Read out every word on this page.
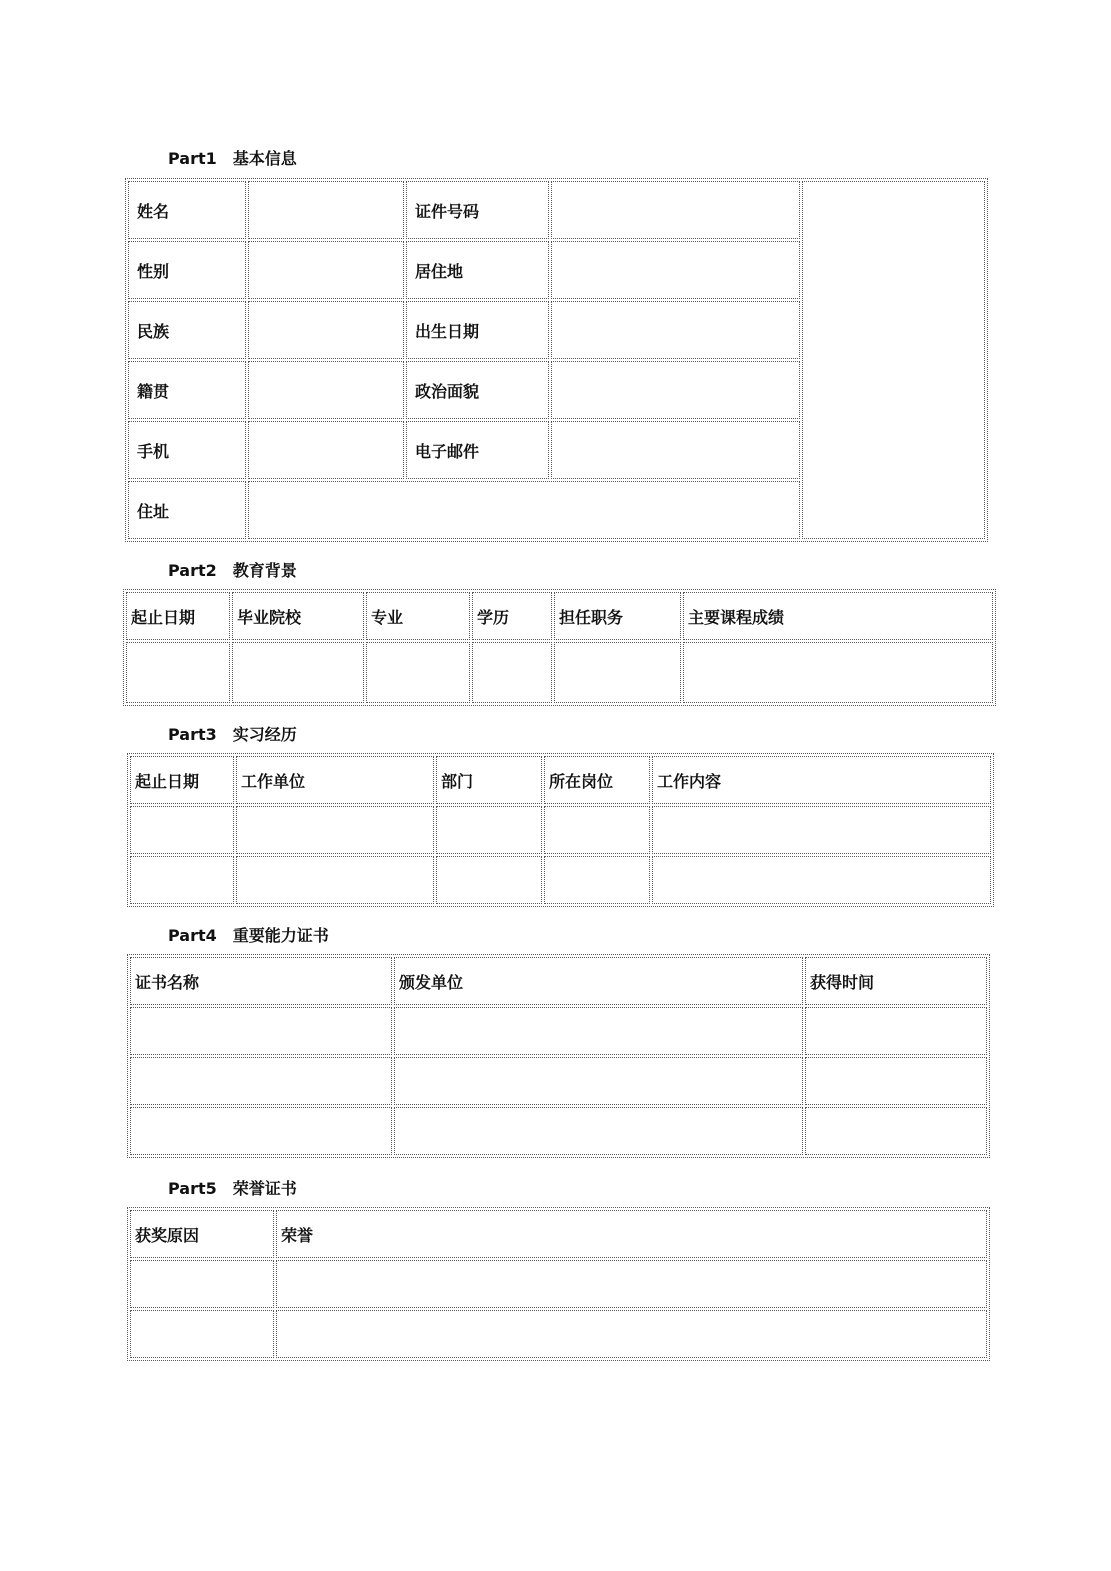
Part1　基本信息
姓名		证件号码		
性别		居住地		
民族		出生日期		
籍贯		政治面貌		
手机		电子邮件		
住址				
Part2　教育背景
起止日期	毕业院校	专业	学历	担任职务	主要课程成绩

Part3　实习经历
起止日期	工作单位	部门	所在岗位	工作内容

Part4　重要能力证书
证书名称	颁发单位	获得时间

Part5　荣誉证书
获奖原因	荣誉
